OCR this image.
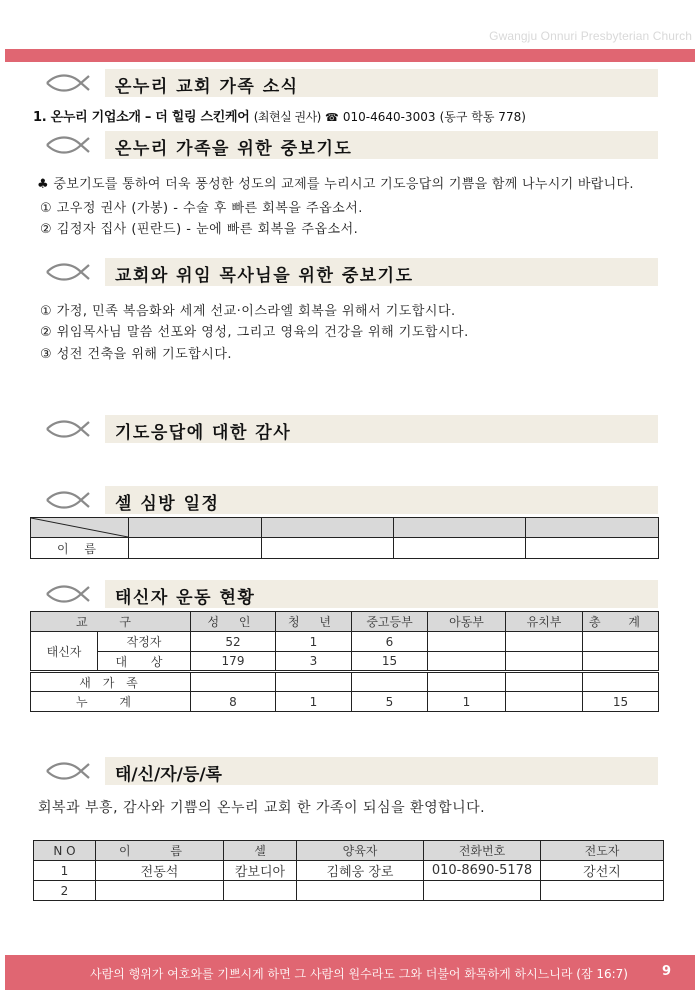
Gwangju Onnuri Presbyterian Church
온누리 교회 가족 소식
1. 온누리 기업소개 – 더 힐링 스킨케어 (최현실 권사) ☎ 010-4640-3003 (동구 학동 778)
온누리 가족을 위한 중보기도
♣ 중보기도를 통하여 더욱 풍성한 성도의 교제를 누리시고 기도응답의 기쁨을 함께 나누시기 바랍니다.
① 고우정 권사 (가봉) - 수술 후 빠른 회복을 주옵소서.
② 김정자 집사 (핀란드) - 눈에 빠른 회복을 주옵소서.
교회와 위임 목사님을 위한 중보기도
① 가정, 민족 복음화와 세계 선교·이스라엘 회복을 위해서 기도합시다.
② 위임목사님 말씀 선포와 영성, 그리고 영육의 건강을 위해 기도합시다.
③ 성전 건축을 위해 기도합시다.
기도응답에 대한 감사
셀 심방 일정

이 름				
태신자 운동 현황
교 구		성 인	청 년	중고등부	아동부	유치부	총 계
태신자	작정자	52	1	6			
	대 상	179	3	15			
새 가 족							
누 계		8	1	5	1		15
태/신/자/등/록
회복과 부흥, 감사와 기쁨의 온누리 교회 한 가족이 되심을 환영합니다.
N O	이 름	셀	양육자	전화번호	전도자
1	전동석	캄보디아	김혜웅 장로	010-8690-5178	강선지
2					
사람의 행위가 여호와를 기쁘시게 하면 그 사람의 원수라도 그와 더불어 화목하게 하시느니라 (잠 16:7)	9
